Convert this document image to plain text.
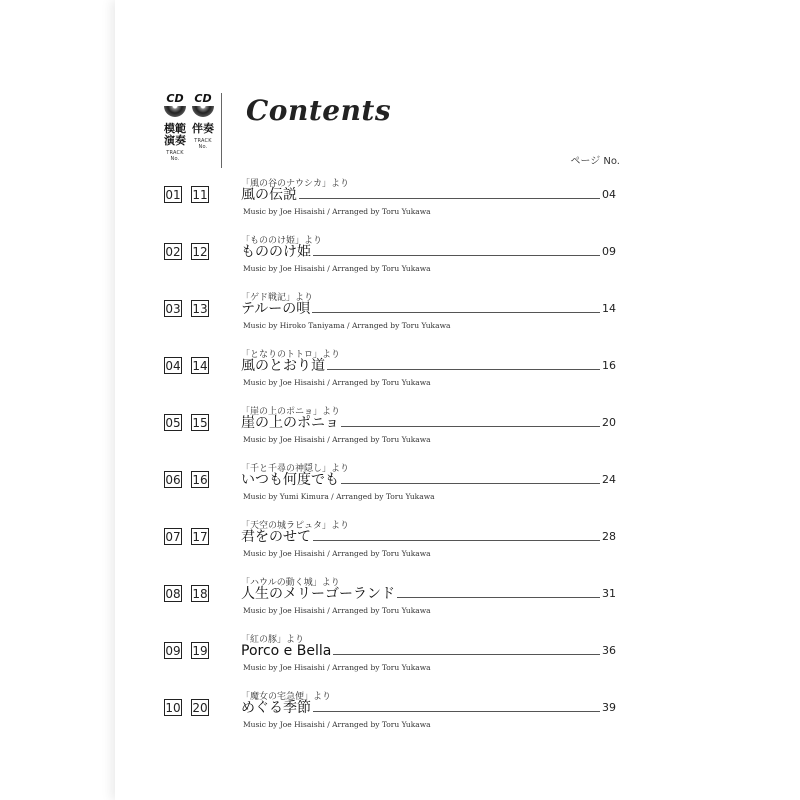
CD
模範
演奏
TRACK
No.
CD
伴奏
TRACK
No.
Contents
ページ No.
01 11
「風の谷のナウシカ」より
風の伝説	04
Music by Joe Hisaishi / Arranged by Toru Yukawa
02 12
「もののけ姫」より
もののけ姫	09
Music by Joe Hisaishi / Arranged by Toru Yukawa
03 13
「ゲド戦記」より
テルーの唄	14
Music by Hiroko Taniyama / Arranged by Toru Yukawa
04 14
「となりのトトロ」より
風のとおり道	16
Music by Joe Hisaishi / Arranged by Toru Yukawa
05 15
「崖の上のポニョ」より
崖の上のポニョ	20
Music by Joe Hisaishi / Arranged by Toru Yukawa
06 16
「千と千尋の神隠し」より
いつも何度でも	24
Music by Yumi Kimura / Arranged by Toru Yukawa
07 17
「天空の城ラピュタ」より
君をのせて	28
Music by Joe Hisaishi / Arranged by Toru Yukawa
08 18
「ハウルの動く城」より
人生のメリーゴーランド	31
Music by Joe Hisaishi / Arranged by Toru Yukawa
09 19
「紅の豚」より
Porco e Bella	36
Music by Joe Hisaishi / Arranged by Toru Yukawa
10 20
「魔女の宅急便」より
めぐる季節	39
Music by Joe Hisaishi / Arranged by Toru Yukawa
